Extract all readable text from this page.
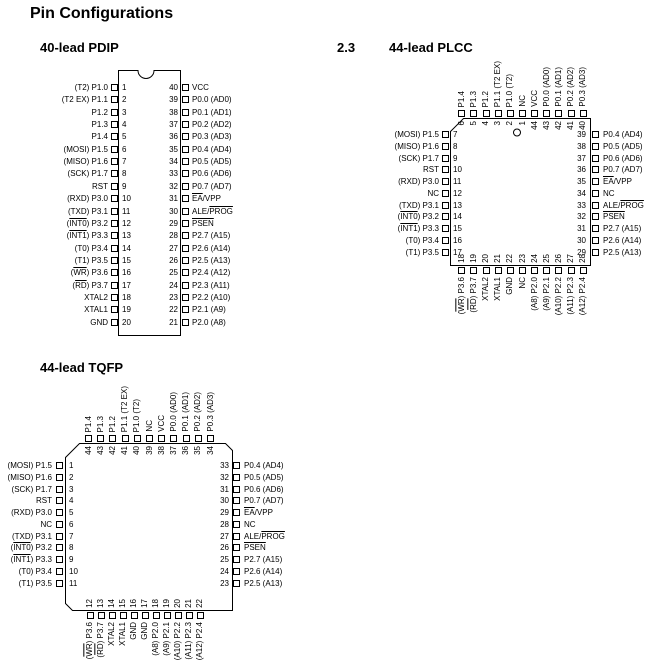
Pin Configurations
40-lead PDIP	2.3	44-lead PLCC
44-lead TQFP
1
(T2) P1.0
2
(T2 EX) P1.1
3
P1.2
4
P1.3
5
P1.4
6
(MOSI) P1.5
7
(MISO) P1.6
8
(SCK) P1.7
9
RST
10
(RXD) P3.0
11
(TXD) P3.1
12
(INT0) P3.2
13
(INT1) P3.3
14
(T0) P3.4
15
(T1) P3.5
16
$(\overline{WR})$ P3.6
17
$(\overline{RD})$ P3.7
18
XTAL2
19
XTAL1
20
GND
40 VCC
39 P0.0 (AD0)
38 P0.1 (AD1)
37 P0.2 (AD2)
36 P0.3 (AD3)
35 P0.4 (AD4)
34 P0.5 (AD5)
33 P0.6 (AD6)
32 P0.7 (AD7)
31 $\overline{EA}$/VPP
30 ALE/PROG
29 PSEN
28 P2.7 (A15)
27 P2.6 (A14)
26 P2.5 (A13)
25 P2.4 (A12)
24 P2.3 (A11)
23 P2.2 (A10)
22 P2.1 (A9)
21 P2.0 (A8)
6
P1.4
5
P1.3
4
P1.2
3
P1.1 (T2 EX)
2
P1.0 (T2)
1
NC
44
VCC
43
P0.0 (AD0)
42
P0.1 (AD1)
41
P0.2 (AD2)
40
P0.3 (AD3)
7
(MOSI) P1.5
8
(MISO) P1.6
9
(SCK) P1.7
10
RST
11
(RXD) P3.0
12
NC
13
(TXD) P3.1
14
(INT0) P3.2
15
(INT1) P3.3
16
(T0) P3.4
17
(T1) P3.5
39 P0.4 (AD4)
38 P0.5 (AD5)
37 P0.6 (AD6)
36 P0.7 (AD7)
35 $\overline{EA}$/VPP
34 NC
33 ALE/PROG
32 PSEN
31 P2.7 (A15)
30 P2.6 (A14)
29 P2.5 (A13)
18
(WR) P3.6
19
(RD) P3.7
20
XTAL2
21
XTAL1
22
GND
23
NC
24
(A8) P2.0
25
(A9) P2.1
26
(A10) P2.2
27
(A11) P2.3
28
(A12) P2.4
44
P1.4
43
P1.3
42
P1.2
41
P1.1 (T2 EX)
40
P1.0 (T2)
39
NC
38
VCC
37
P0.0 (AD0)
36
P0.1 (AD1)
35
P0.2 (AD2)
34
P0.3 (AD3)
1
(MOSI) P1.5
2
(MISO) P1.6
3
(SCK) P1.7
4
RST
5
(RXD) P3.0
6
NC
7
(TXD) P3.1
8
(INT0) P3.2
9
(INT1) P3.3
10
(T0) P3.4
11
(T1) P3.5
33 P0.4 (AD4)
32 P0.5 (AD5)
31 P0.6 (AD6)
30 P0.7 (AD7)
29 $\overline{EA}$/VPP
28 NC
27 ALE/PROG
26 PSEN
25 P2.7 (A15)
24 P2.6 (A14)
23 P2.5 (A13)
12
(WR) P3.6
13
(RD) P3.7
14
XTAL2
15
XTAL1
16
GND
17
GND
18
(A8) P2.0
19
(A9) P2.1
20
(A10) P2.2
21
(A11) P2.3
22
(A12) P2.4
